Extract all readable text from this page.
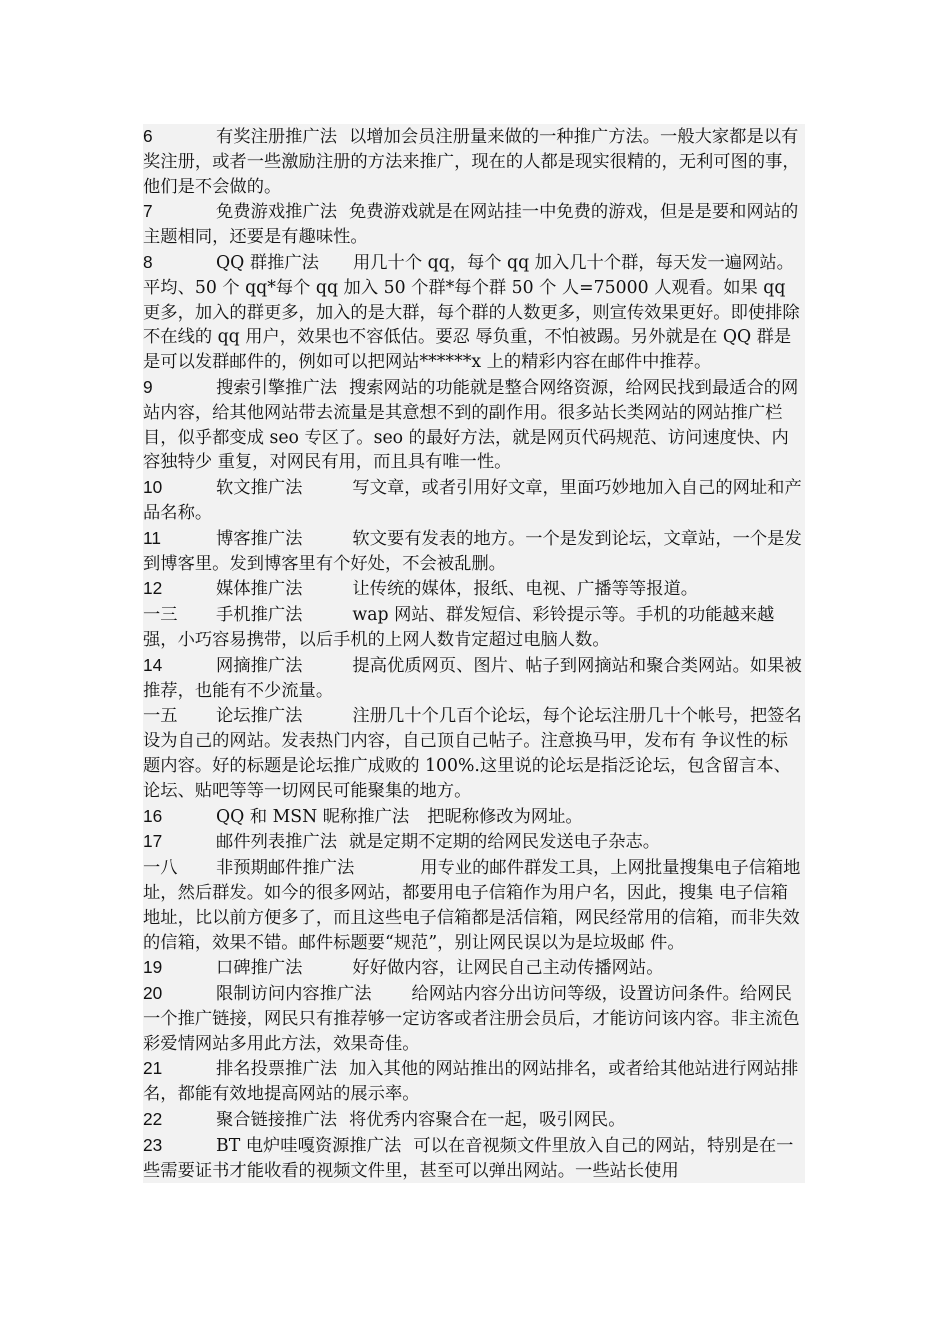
6	有奖注册推广法 以增加会员注册量来做的一种推广方法。一般大家都是以有奖注册，或者一些激励注册的方法来推广，现在的人都是现实很精的，无利可图的事，他们是不会做的。

7	免费游戏推广法 免费游戏就是在网站挂一中免费的游戏，但是是要和网站的主题相同，还要是有趣味性。

8	QQ 群推广法 用几十个 qq，每个 qq 加入几十个群，每天发一遍网站。平均、50 个 qq*每个 qq 加入 50 个群*每个群 50 个 人=75000 人观看。如果 qq 更多，加入的群更多，加入的是大群，每个群的人数更多，则宣传效果更好。即使排除不在线的 qq 用户，效果也不容低估。要忍 辱负重，不怕被踢。另外就是在 QQ 群是是可以发群邮件的，例如可以把网站******x 上的精彩内容在邮件中推荐。

9	搜索引擎推广法 搜索网站的功能就是整合网络资源，给网民找到最适合的网站内容，给其他网站带去流量是其意想不到的副作用。很多站长类网站的网站推广栏目，似乎都变成 seo 专区了。seo 的最好方法，就是网页代码规范、访问速度快、内容独特少 重复，对网民有用，而且具有唯一性。

10	软文推广法	写文章，或者引用好文章，里面巧妙地加入自己的网址和产品名称。

11	博客推广法	软文要有发表的地方。一个是发到论坛，文章站，一个是发到博客里。发到博客里有个好处，不会被乱删。

12	媒体推广法	让传统的媒体，报纸、电视、广播等等报道。

一三 手机推广法	wap 网站、群发短信、彩铃提示等。手机的功能越来越强，小巧容易携带，以后手机的上网人数肯定超过电脑人数。

14	网摘推广法	提高优质网页、图片、帖子到网摘站和聚合类网站。如果被推荐，也能有不少流量。

一五 论坛推广法	注册几十个几百个论坛，每个论坛注册几十个帐号，把签名设为自己的网站。发表热门内容，自己顶自己帖子。注意换马甲，发布有 争议性的标题内容。好的标题是论坛推广成败的 100%.这里说的论坛是指泛论坛，包含留言本、论坛、贴吧等等一切网民可能聚集的地方。

16	QQ 和 MSN 昵称推广法 把昵称修改为网址。

17	邮件列表推广法 就是定期不定期的给网民发送电子杂志。

一八 非预期邮件推广法	用专业的邮件群发工具，上网批量搜集电子信箱地址，然后群发。如今的很多网站，都要用电子信箱作为用户名，因此，搜集 电子信箱地址，比以前方便多了，而且这些电子信箱都是活信箱，网民经常用的信箱，而非失效的信箱，效果不错。邮件标题要“规范”，别让网民误以为是垃圾邮 件。

19	口碑推广法	好好做内容，让网民自己主动传播网站。

20	限制访问内容推广法 给网站内容分出访问等级，设置访问条件。给网民一个推广链接，网民只有推荐够一定访客或者注册会员后，才能访问该内容。非主流色彩爱情网站多用此方法，效果奇佳。

21	排名投票推广法 加入其他的网站推出的网站排名，或者给其他站进行网站排名，都能有效地提高网站的展示率。

22	聚合链接推广法 将优秀内容聚合在一起，吸引网民。

23	BT 电炉哇嘎资源推广法 可以在音视频文件里放入自己的网站，特别是在一些需要证书才能收看的视频文件里，甚至可以弹出网站。一些站长使用
